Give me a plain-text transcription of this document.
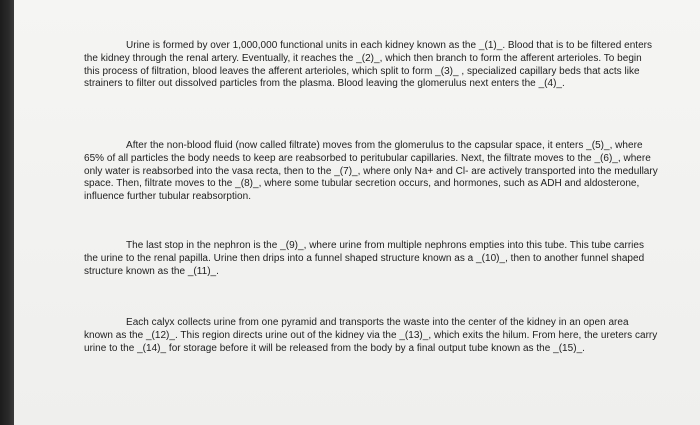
Urine is formed by over 1,000,000 functional units in each kidney known as the _(1)_. Blood that is to be filtered enters the kidney through the renal artery. Eventually, it reaches the _(2)_, which then branch to form the afferent arterioles. To begin this process of filtration, blood leaves the afferent arterioles, which split to form _(3)_ , specialized capillary beds that acts like strainers to filter out dissolved particles from the plasma. Blood leaving the glomerulus next enters the _(4)_.

After the non-blood fluid (now called filtrate) moves from the glomerulus to the capsular space, it enters _(5)_, where 65% of all particles the body needs to keep are reabsorbed to peritubular capillaries. Next, the filtrate moves to the _(6)_, where only water is reabsorbed into the vasa recta, then to the _(7)_, where only Na+ and Cl- are actively transported into the medullary space. Then, filtrate moves to the _(8)_, where some tubular secretion occurs, and hormones, such as ADH and aldosterone, influence further tubular reabsorption.

The last stop in the nephron is the _(9)_, where urine from multiple nephrons empties into this tube. This tube carries the urine to the renal papilla. Urine then drips into a funnel shaped structure known as a _(10)_, then to another funnel shaped structure known as the _(11)_.

Each calyx collects urine from one pyramid and transports the waste into the center of the kidney in an open area known as the _(12)_. This region directs urine out of the kidney via the _(13)_, which exits the hilum. From here, the ureters carry urine to the _(14)_ for storage before it will be released from the body by a final output tube known as the _(15)_.
